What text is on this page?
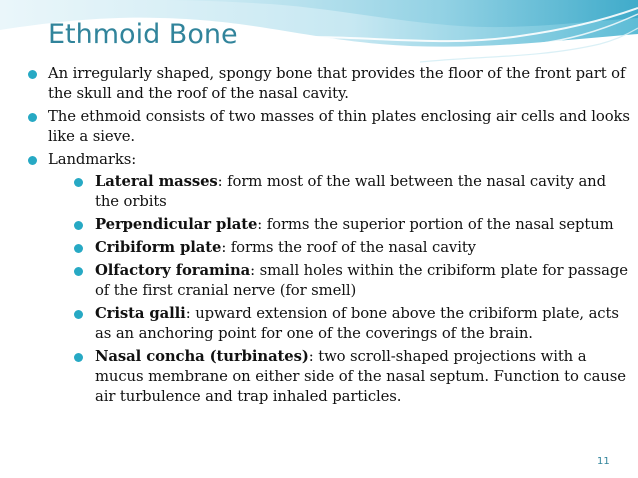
Ethmoid Bone
An irregularly shaped, spongy bone that provides the floor of the front part of the skull and the roof of the nasal cavity.
The ethmoid consists of two masses of thin plates enclosing air cells and looks like a sieve.
Landmarks:
Lateral masses: form most of the wall between the nasal cavity and the orbits
Perpendicular plate: forms the superior portion of the nasal septum
Cribiform plate: forms the roof of the nasal cavity
Olfactory foramina: small holes within the cribiform plate for passage of the first cranial nerve (for smell)
Crista galli: upward extension of bone above the cribiform plate, acts as an anchoring point for one of the coverings of the brain.
Nasal concha (turbinates): two scroll-shaped projections with a mucus membrane on either side of the nasal septum. Function to cause air turbulence and trap inhaled particles.
11
